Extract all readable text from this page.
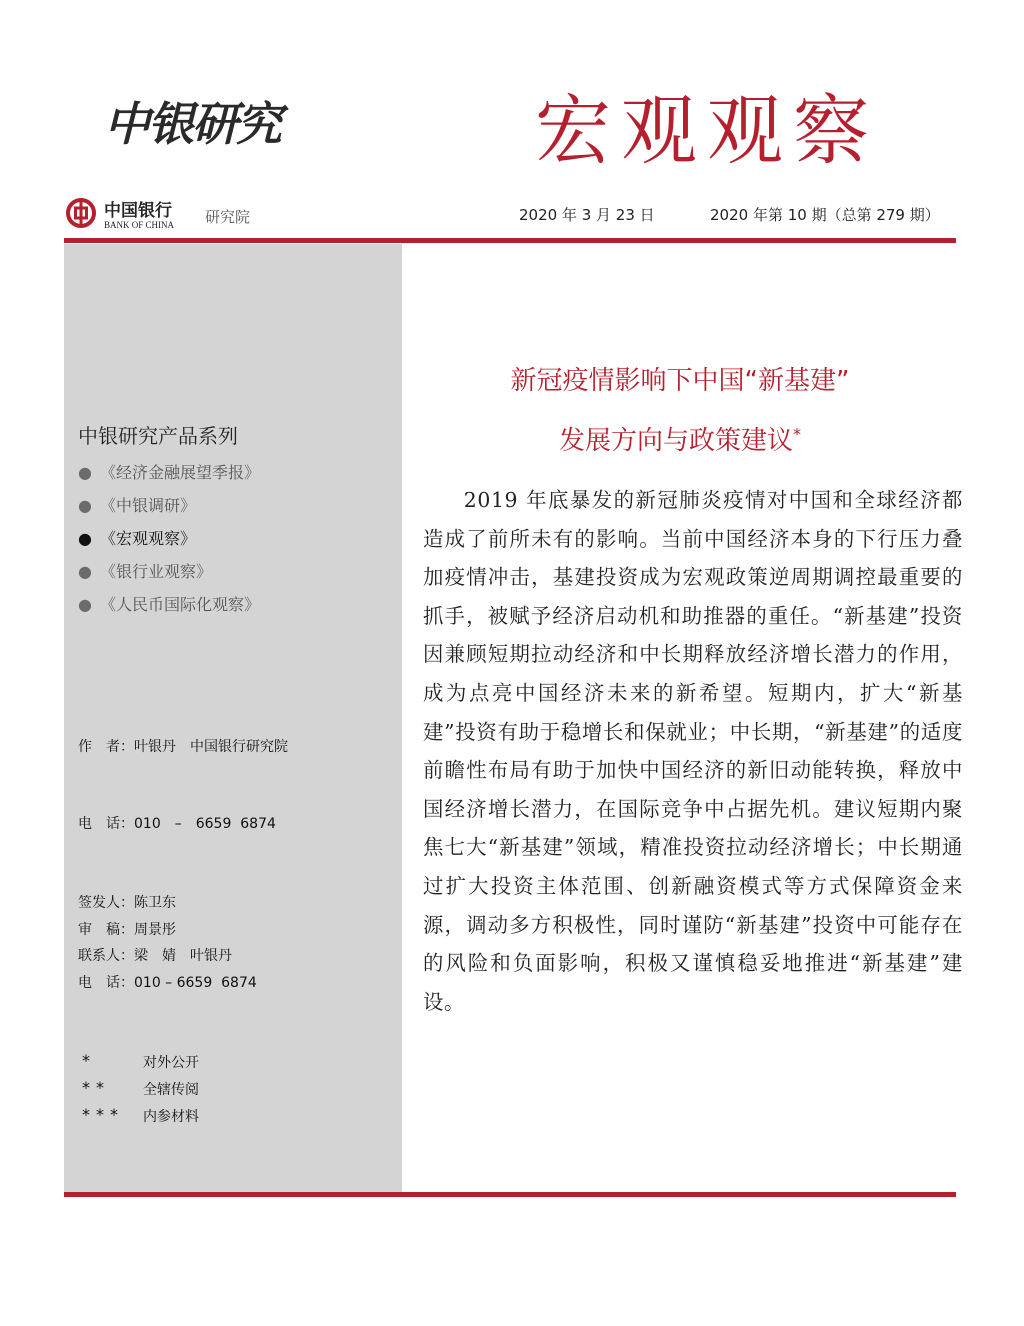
中银研究	宏观观察
中国银行
BANK OF CHINA 研究院	2020 年 3 月 23 日	2020 年第 10 期（总第 279 期）
中银研究产品系列
● 《经济金融展望季报》
● 《中银调研》
● 《宏观观察》
● 《银行业观察》
● 《人民币国际化观察》
作　者：叶银丹　中国银行研究院
电　话：010　–　6659  6874
签发人：陈卫东
审　稿：周景彤
联系人：梁　婧　叶银丹
电　话：010 – 6659  6874
*	对外公开
** 全辖传阅
*** 内参材料
新冠疫情影响下中国“新基建”
发展方向与政策建议*
2019 年底暴发的新冠肺炎疫情对中国和全球经济都造成了前所未有的影响。当前中国经济本身的下行压力叠加疫情冲击，基建投资成为宏观政策逆周期调控最重要的抓手，被赋予经济启动机和助推器的重任。“新基建”投资因兼顾短期拉动经济和中长期释放经济增长潜力的作用，成为点亮中国经济未来的新希望。短期内，扩大“新基建”投资有助于稳增长和保就业；中长期，“新基建”的适度前瞻性布局有助于加快中国经济的新旧动能转换，释放中国经济增长潜力，在国际竞争中占据先机。建议短期内聚焦七大“新基建”领域，精准投资拉动经济增长；中长期通过扩大投资主体范围、创新融资模式等方式保障资金来源，调动多方积极性，同时谨防“新基建”投资中可能存在的风险和负面影响，积极又谨慎稳妥地推进“新基建”建设。
